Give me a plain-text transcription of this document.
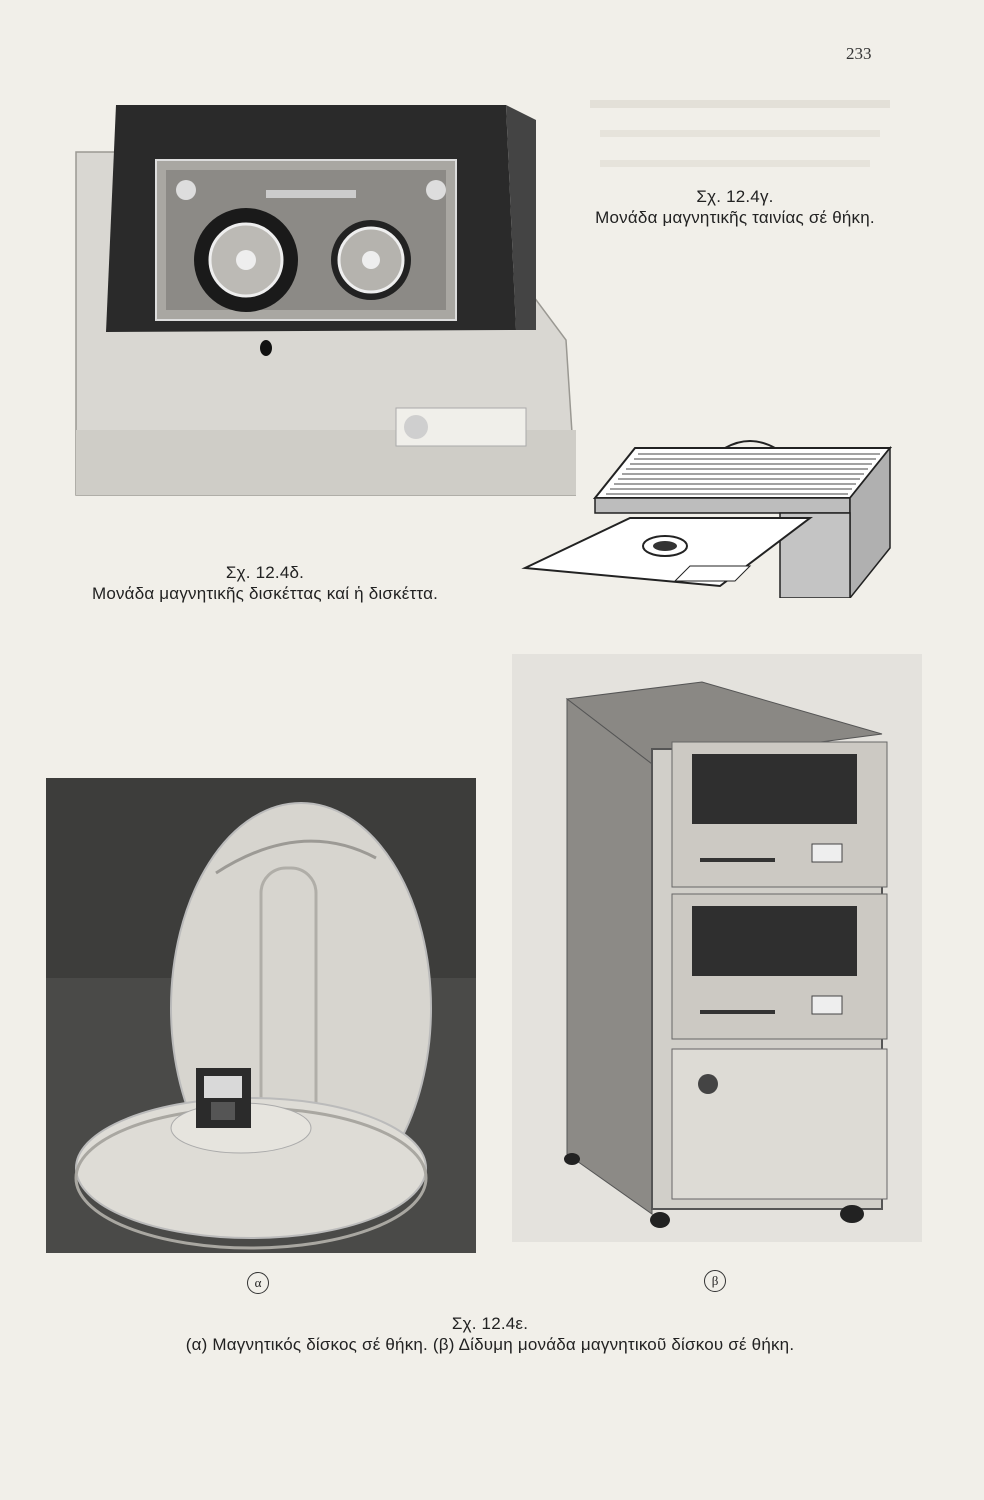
233
Σχ. 12.4γ.
Μονάδα μαγνητικῆς ταινίας σέ θήκη.
Σχ. 12.4δ.
Μονάδα μαγνητικῆς δισκέττας καί ἡ δισκέττα.
α	β
Σχ. 12.4ε.
(α) Μαγνητικός δίσκος σέ θήκη. (β) Δίδυμη μονάδα μαγνητικοῦ δίσκου σέ θήκη.
